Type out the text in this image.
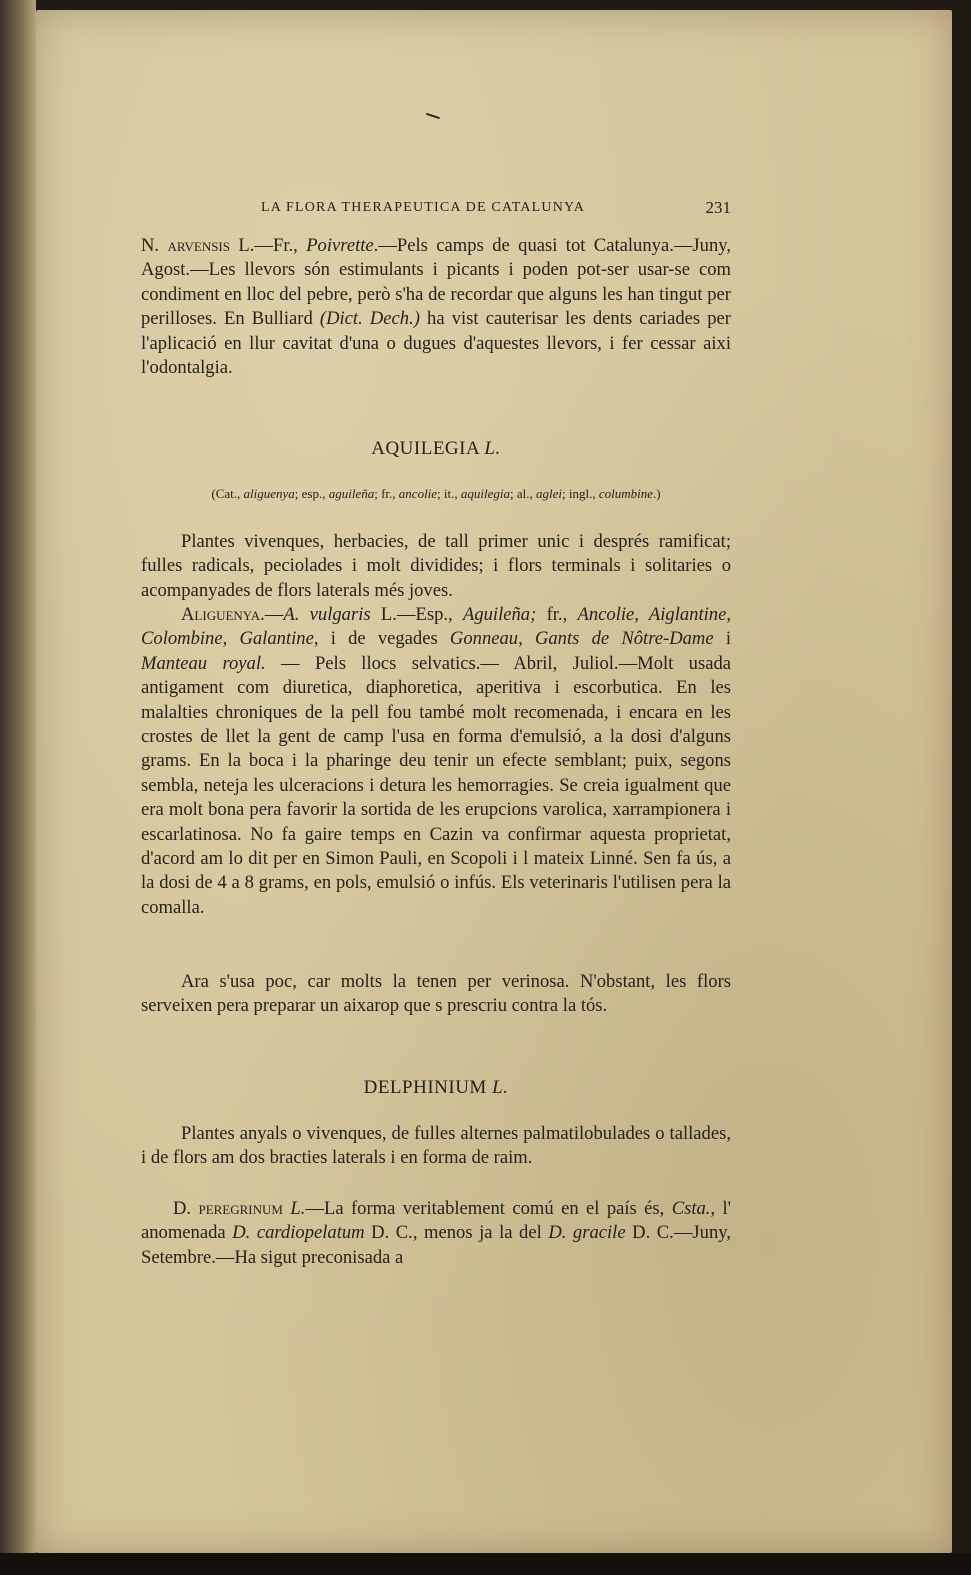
LA FLORA THERAPEUTICA DE CATALUNYA	231
N. arvensis L.—Fr., Poivrette.—Pels camps de quasi tot Catalunya.—Juny, Agost.—Les llevors són estimulants i picants i poden pot-ser usar-se com condiment en lloc del pebre, però s'ha de recordar que alguns les han tingut per perilloses. En Bulliard (Dict. Dech.) ha vist cauterisar les dents cariades per l'aplicació en llur cavitat d'una o dugues d'aquestes llevors, i fer cessar aixi l'odontalgia.
AQUILEGIA L.
(Cat., aliguenya; esp., aguileña; fr., ancolie; it., aquilegia; al., aglei; ingl., columbine.)
Plantes vivenques, herbacies, de tall primer unic i després ramificat; fulles radicals, peciolades i molt dividides; i flors terminals i solitaries o acompanyades de flors laterals més joves.
Aliguenya.—A. vulgaris L.—Esp., Aguileña; fr., Ancolie, Aiglantine, Colombine, Galantine, i de vegades Gonneau, Gants de Nôtre-Dame i Manteau royal. — Pels llocs selvatics.— Abril, Juliol.—Molt usada antigament com diuretica, diaphoretica, aperitiva i escorbutica. En les malalties chroniques de la pell fou també molt recomenada, i encara en les crostes de llet la gent de camp l'usa en forma d'emulsió, a la dosi d'alguns grams. En la boca i la pharinge deu tenir un efecte semblant; puix, segons sembla, neteja les ulceracions i detura les hemorragies. Se creia igualment que era molt bona pera favorir la sortida de les erupcions varolica, xarrampionera i escarlatinosa. No fa gaire temps en Cazin va confirmar aquesta proprietat, d'acord am lo dit per en Simon Pauli, en Scopoli i l mateix Linné. Sen fa ús, a la dosi de 4 a 8 grams, en pols, emulsió o infús. Els veterinaris l'utilisen pera la comalla.
Ara s'usa poc, car molts la tenen per verinosa. N'obstant, les flors serveixen pera preparar un aixarop que s prescriu contra la tós.
DELPHINIUM L.
Plantes anyals o vivenques, de fulles alternes palmatilobulades o tallades, i de flors am dos bracties laterals i en forma de raim.
D. peregrinum L.—La forma veritablement comú en el país és, Csta., l' anomenada D. cardiopelatum D. C., menos ja la del D. gracile D. C.—Juny, Setembre.—Ha sigut preconisada a
